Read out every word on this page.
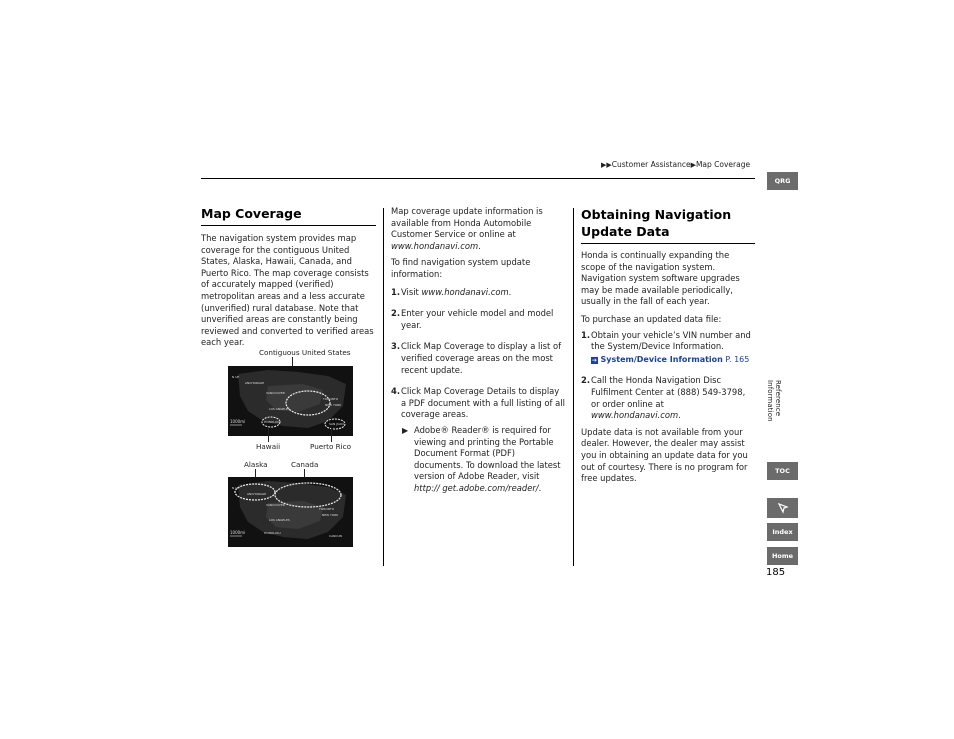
▶▶Customer Assistance▶Map Coverage
Map Coverage

The navigation system provides map coverage for the contiguous United States, Alaska, Hawaii, Canada, and Puerto Rico. The map coverage consists of accurately mapped (verified) metropolitan areas and a less accurate (unverified) rural database. Note that unverified areas are constantly being reviewed and converted to verified areas each year.

Contiguous United States
ANCHORAGE
VANCOUVER
TORONTO
NEW YORK
LOS ANGELES
HONOLULU	SAN JUAN
N UP
1000mi
Hawaii	Puerto Rico
Alaska	Canada
ANCHORAGE
VANCOUVER
TORONTO
NEW YORK
LOS ANGELES
HONOLULU
CANCUN
N UP
1000mi

Map coverage update information is available from Honda Automobile Customer Service or online at www.hondanavi.com.

To find navigation system update information:

1. Visit www.hondanavi.com.
2. Enter your vehicle model and model year.
3. Click Map Coverage to display a list of verified coverage areas on the most recent update.
4. Click Map Coverage Details to display a PDF document with a full listing of all coverage areas.
▶ Adobe® Reader® is required for viewing and printing the Portable Document Format (PDF) documents. To download the latest version of Adobe Reader, visit http:// get.adobe.com/reader/.
Obtaining Navigation Update Data

Honda is continually expanding the scope of the navigation system. Navigation system software upgrades may be made available periodically, usually in the fall of each year.

To purchase an updated data file:

1. Obtain your vehicle’s VIN number and the System/Device Information.
➔ System/Device Information P. 165
2. Call the Honda Navigation Disc Fulfilment Center at (888) 549-3798, or order online at www.hondanavi.com.

Update data is not available from your dealer. However, the dealer may assist you in obtaining an update data for you out of courtesy. There is no program for free updates.

QRG
Reference Information
TOC
Index
Home
185
